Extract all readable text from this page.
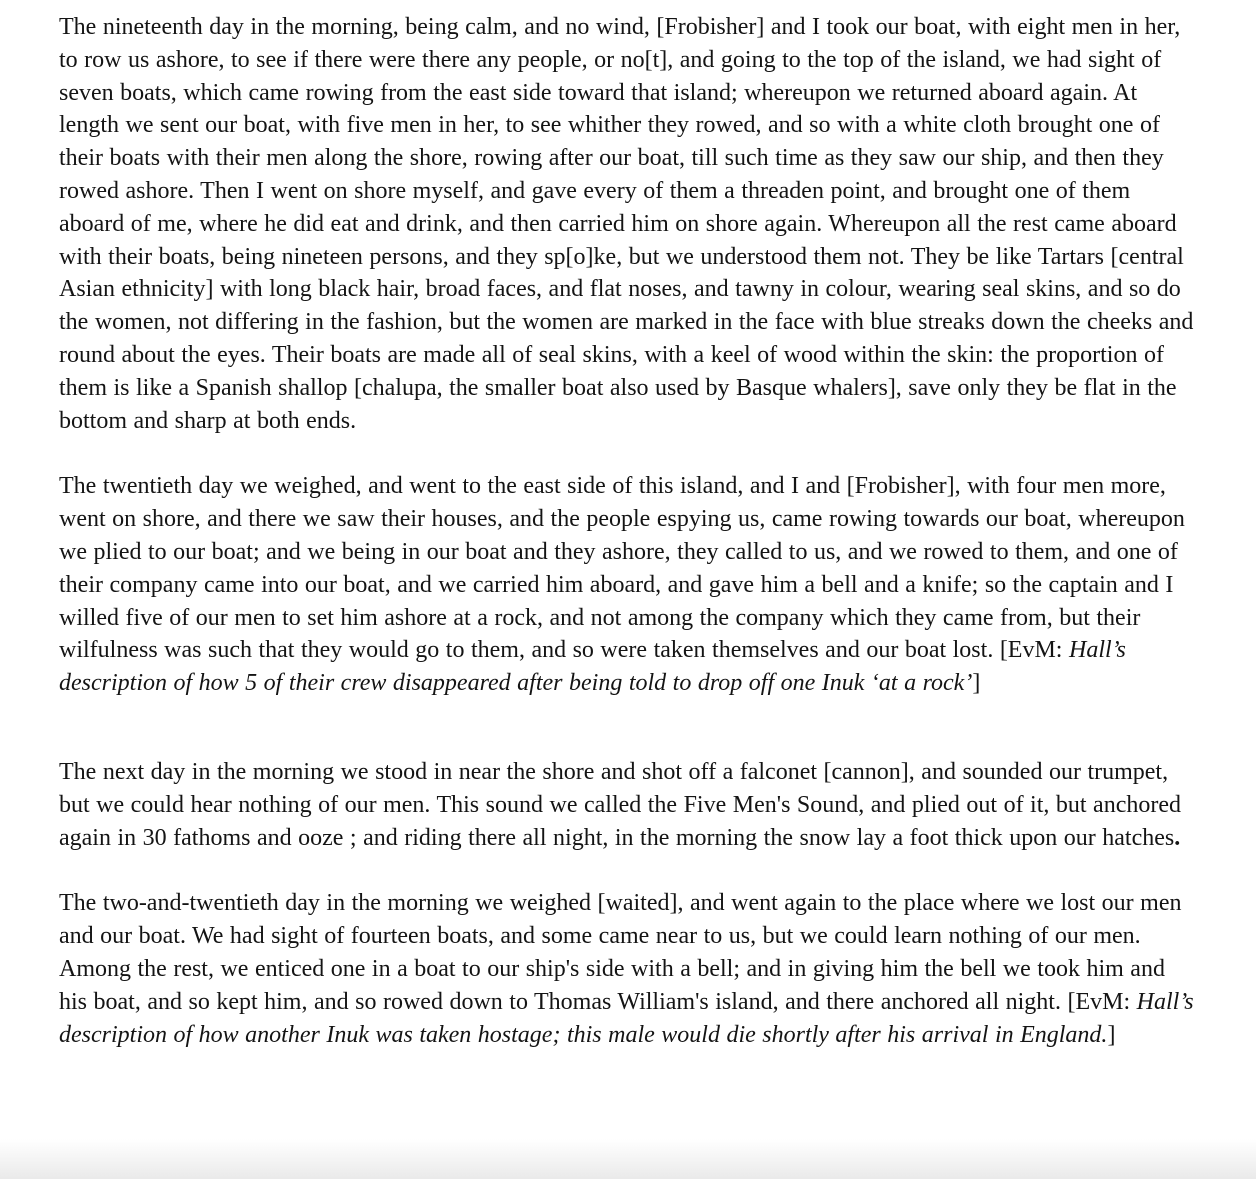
The nineteenth day in the morning, being calm, and no wind, [Frobisher] and I took our boat, with eight men in her, to row us ashore, to see if there were there any people, or no[t], and going to the top of the island, we had sight of seven boats, which came rowing from the east side toward that island; whereupon we returned aboard again. At length we sent our boat, with five men in her, to see whither they rowed, and so with a white cloth brought one of their boats with their men along the shore, rowing after our boat, till such time as they saw our ship, and then they rowed ashore. Then I went on shore myself, and gave every of them a threaden point, and brought one of them aboard of me, where he did eat and drink, and then carried him on shore again. Whereupon all the rest came aboard with their boats, being nineteen persons, and they sp[o]ke, but we understood them not. They be like Tartars [central Asian ethnicity] with long black hair, broad faces, and flat noses, and tawny in colour, wearing seal skins, and so do the women, not differing in the fashion, but the women are marked in the face with blue streaks down the cheeks and round about the eyes. Their boats are made all of seal skins, with a keel of wood within the skin: the proportion of them is like a Spanish shallop [chalupa, the smaller boat also used by Basque whalers], save only they be flat in the bottom and sharp at both ends.

The twentieth day we weighed, and went to the east side of this island, and I and [Frobisher], with four men more, went on shore, and there we saw their houses, and the people espying us, came rowing towards our boat, whereupon we plied to our boat; and we being in our boat and they ashore, they called to us, and we rowed to them, and one of their company came into our boat, and we carried him aboard, and gave him a bell and a knife; so the captain and I willed five of our men to set him ashore at a rock, and not among the company which they came from, but their wilfulness was such that they would go to them, and so were taken themselves and our boat lost. [EvM: Hall’s description of how 5 of their crew disappeared after being told to drop off one Inuk ‘at a rock’]

The next day in the morning we stood in near the shore and shot off a falconet [cannon], and sounded our trumpet, but we could hear nothing of our men. This sound we called the Five Men's Sound, and plied out of it, but anchored again in 30 fathoms and ooze ; and riding there all night, in the morning the snow lay a foot thick upon our hatches.

The two-and-twentieth day in the morning we weighed [waited], and went again to the place where we lost our men and our boat. We had sight of fourteen boats, and some came near to us, but we could learn nothing of our men. Among the rest, we enticed one in a boat to our ship's side with a bell; and in giving him the bell we took him and his boat, and so kept him, and so rowed down to Thomas William's island, and there anchored all night. [EvM: Hall’s description of how another Inuk was taken hostage; this male would die shortly after his arrival in England.]
